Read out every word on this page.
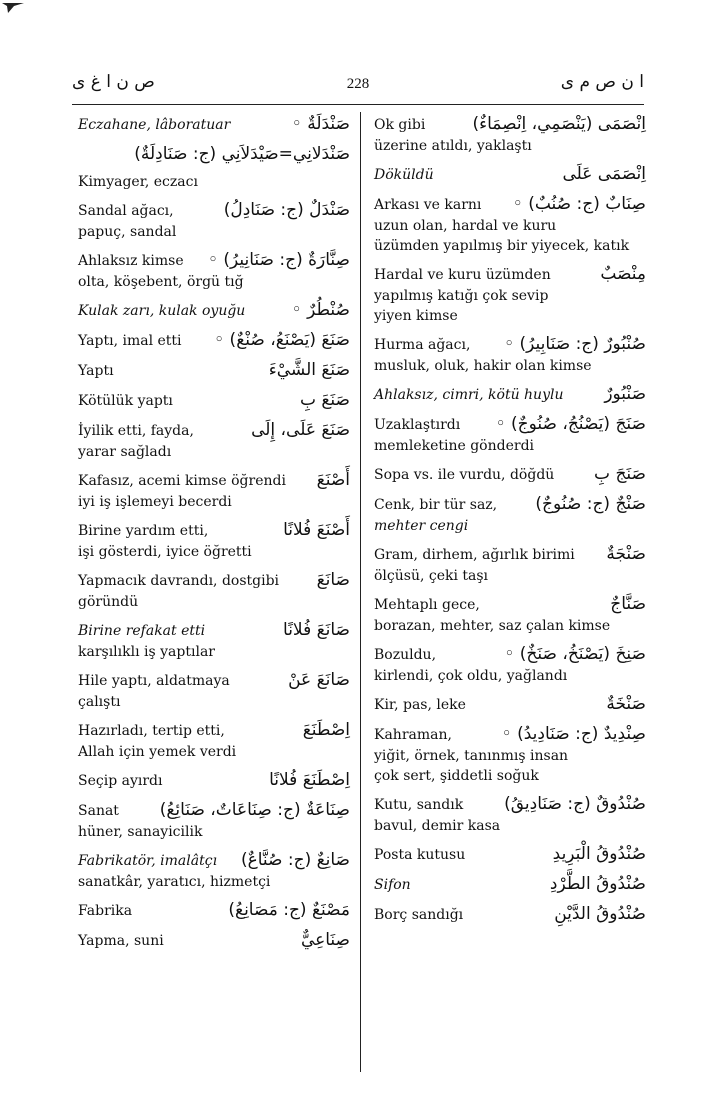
ص ن ا غ ى	228	ا ن ص م ى
Eczahane, lâboratuar	صَنْدَلَةٌ ◦
صَنْدَلانِي=صَيْدَلاَنِي (ج: صَنَادِلَةٌ)
Kimyager, eczacı
Sandal ağacı,	صَنْدَلٌ (ج: صَنَادِلُ)
papuç, sandal
Ahlaksız kimse صِنَّارَةٌ (ج: صَنَانِيرُ) ◦
olta, köşebent, örgü tığ
Kulak zarı, kulak oyuğu	صُنْطُرٌ ◦
Yaptı, imal etti صَنَعَ (يَصْنَعُ، صُنْعٌ) ◦
Yaptı	صَنَعَ الشَّيْءَ
Kötülük yaptı	صَنَعَ بِ
İyilik etti, fayda,	صَنَعَ عَلَى، إِلَى
yarar sağladı
Kafasız, acemi kimse öğrendi أَصْنَعَ
iyi iş işlemeyi becerdi
Birine yardım etti,	أَصْنَعَ فُلانًا
işi gösterdi, iyice öğretti
Yapmacık davrandı, dostgibi صَانَعَ
göründü
Birine refakat etti	صَانَعَ فُلانًا
karşılıklı iş yaptılar
Hile yaptı, aldatmaya	صَانَعَ عَنْ
çalıştı
Hazırladı, tertip etti,	اِصْطَنَعَ
Allah için yemek verdi
Seçip ayırdı	اِصْطَنَعَ فُلانًا
Sanat صِنَاعَةٌ (ج: صِنَاعَاتٌ، صَنَائِعُ)
hüner, sanayicilik
Fabrikatör, imalâtçı صَانِعٌ (ج: صُنَّاعٌ)
sanatkâr, yaratıcı, hizmetçi
Fabrika	مَصْنَعٌ (ج: مَصَانِعُ)
Yapma, suni	صِنَاعِيٌّ
Ok gibi	اِنْصَمَى (يَنْصَمِي، اِنْصِمَاءٌ)
üzerine atıldı, yaklaştı
Döküldü	اِنْصَمَى عَلَى
Arkası ve karnı صِنَابٌ (ج: صُنُبٌ) ◦
uzun olan, hardal ve kuru
üzümden yapılmış bir yiyecek, katık
Hardal ve kuru üzümden	مِنْصَبٌ
yapılmış katığı çok sevip
yiyen kimse
Hurma ağacı, صُنْبُورٌ (ج: صَنَابِيرُ) ◦
musluk, oluk, hakir olan kimse
Ahlaksız, cimri, kötü huylu صَنْبُورٌ
Uzaklaştırdı صَنَجَ (يَصْنُجُ، صُنُوجٌ) ◦
memleketine gönderdi
Sopa vs. ile vurdu, döğdü صَنَجَ بِ
Cenk, bir tür saz, صَنْجٌ (ج: صُنُوجٌ)
mehter cengi
Gram, dirhem, ağırlık birimi صَنْجَةٌ
ölçüsü, çeki taşı
Mehtaplı gece,	صَنَّاجٌ
borazan, mehter, saz çalan kimse
Bozuldu,	صَنِخَ (يَصْنَخُ، صَنَخٌ) ◦
kirlendi, çok oldu, yağlandı
Kir, pas, leke	صَنْخَةٌ
Kahraman,	صِنْدِيدٌ (ج: صَنَادِيدُ) ◦
yiğit, örnek, tanınmış insan
çok sert, şiddetli soğuk
Kutu, sandık صُنْدُوقٌ (ج: صَنَادِيقُ)
bavul, demir kasa
Posta kutusu	صُنْدُوقُ الْبَرِيدِ
Sifon	صُنْدُوقُ الطَّرْدِ
Borç sandığı	صُنْدُوقُ الدَّيْنِ
